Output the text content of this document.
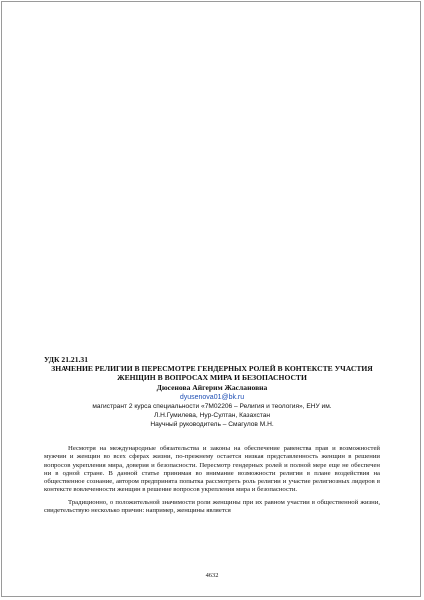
УДК 21.21.31

ЗНАЧЕНИЕ РЕЛИГИИ В ПЕРЕСМОТРЕ ГЕНДЕРНЫХ РОЛЕЙ В КОНТЕКСТЕ УЧАСТИЯ ЖЕНЩИН В ВОПРОСАХ МИРА И БЕЗОПАСНОСТИ

Дюсенова Айгерим Жаслановна

dyusenova01@bk.ru

магистрант 2 курса специальности «7M02206 – Религия и теология», ЕНУ им.

Л.Н.Гумилева, Нур-Султан, Казахстан

Научный руководитель – Смагулов М.Н.

Несмотря на международные обязательства и законы на обеспечение равенства прав и возможностей мужчин и женщин во всех сферах жизни, по-прежнему остается низкая представленность женщин в решении вопросов укрепления мира, доверия и безопасности. Пересмотр гендерных ролей и полной мере еще не обеспечен ни в одной стране. В данной статье принимая во внимание возможности религии в плане воздействия на общественное сознание, автором предпринята попытка рассмотреть роль религии и участие религиозных лидеров в контексте вовлеченности женщин в решение вопросов укрепления мира и безопасности.

Традиционно, о положительной значимости роли женщины при их равном участии в общественной жизни, свидетельствую несколько причин: например, женщины является

4632
